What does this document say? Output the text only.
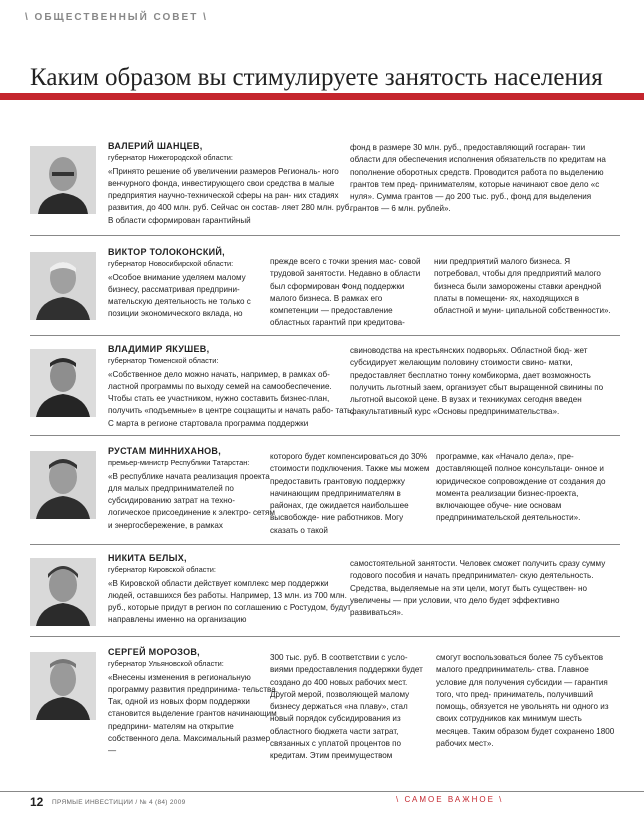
\ ОБЩЕСТВЕННЫЙ СОВЕТ \
Каким образом вы стимулируете занятость населения
ВАЛЕРИЙ ШАНЦЕВ,
губернатор Нижегородской области:

«Принято решение об увеличении размеров Региональ- ного венчурного фонда, инвестирующего свои средства в малые предприятия научно-технической сферы на ран- них стадиях развития, до 400 млн. руб. Сейчас он состав- ляет 280 млн. руб. В области сформирован гарантийный

фонд в размере 30 млн. руб., предоставляющий госгаран- тии области для обеспечения исполнения обязательств по кредитам на пополнение оборотных средств. Проводится работа по выделению грантов тем пред- принимателям, которые начинают свое дело «с нуля». Сумма грантов — до 200 тыс. руб., фонд для выделения грантов — 6 млн. рублей».

ВИКТОР ТОЛОКОНСКИЙ,
губернатор Новосибирской области:

«Особое внимание уделяем малому бизнесу, рассматривая предприни- мательскую деятельность не только с позиции экономического вклада, но

прежде всего с точки зрения мас- совой трудовой занятости. Недавно в области был сформирован Фонд поддержки малого бизнеса. В рамках его компетенции — предоставление областных гарантий при кредитова-

нии предприятий малого бизнеса. Я потребовал, чтобы для предприятий малого бизнеса были заморожены ставки арендной платы в помещени- ях, находящихся в областной и муни- ципальной собственности».

ВЛАДИМИР ЯКУШЕВ,
губернатор Тюменской области:

«Собственное дело можно начать, например, в рамках об- ластной программы по выходу семей на самообеспечение. Чтобы стать ее участником, нужно составить бизнес-план, получить «подъемные» в центре соцзащиты и начать рабо- тать. С марта в регионе стартовала программа поддержки

свиноводства на крестьянских подворьях. Областной бюд- жет субсидирует желающим половину стоимости свино- матки, предоставляет бесплатно тонну комбикорма, дает возможность получить льготный заем, организует сбыт выращенной свинины по льготной высокой цене. В вузах и техникумах сегодня введен факультативный курс «Основы предпринимательства».

РУСТАМ МИННИХАНОВ,
премьер-министр Республики Татарстан:

«В республике начата реализация проекта для малых предпринимателей по субсидированию затрат на техно- логическое присоединение к электро- сетям и энергосбережение, в рамках

которого будет компенсироваться до 30% стоимости подключения. Также мы можем предоставить грантовую поддержку начинающим предпринимателям в районах, где ожидается наибольшее высвобожде- ние работников. Могу сказать о такой

программе, как «Начало дела», пре- доставляющей полное консультаци- онное и юридическое сопровождение от создания до момента реализации бизнес-проекта, включающее обуче- ние основам предпринимательской деятельности».

НИКИТА БЕЛЫХ,
губернатор Кировской области:

«В Кировской области действует комплекс мер поддержки людей, оставшихся без работы. Например, 13 млн. из 700 млн. руб., которые придут в регион по соглашению с Ростудом, будут направлены именно на организацию

самостоятельной занятости. Человек сможет получить сразу сумму годового пособия и начать предпринимател- скую деятельность. Средства, выделяемые на эти цели, могут быть существен- но увеличены — при условии, что дело будет эффективно развиваться».

СЕРГЕЙ МОРОЗОВ,
губернатор Ульяновской области:

«Внесены изменения в региональную программу развития предпринима- тельства. Так, одной из новых форм поддержки становится выделение грантов начинающим предприни- мателям на открытие собственного дела. Максимальный размер —

300 тыс. руб. В соответствии с усло- виями предоставления поддержки будет создано до 400 новых рабочих мест. Другой мерой, позволяющей малому бизнесу держаться «на плаву», стал новый порядок субсидирования из областного бюджета части затрат, связанных с уплатой процентов по кредитам. Этим преимуществом

смогут воспользоваться более 75 субъектов малого предприниматель- ства. Главное условие для получения субсидии — гарантия того, что пред- приниматель, получивший помощь, обязуется не увольнять ни одного из своих сотрудников как минимум шесть месяцев. Таким образом будет сохранено 1800 рабочих мест».

12 ПРЯМЫЕ ИНВЕСТИЦИИ / № 4 (84) 2009	\ САМОЕ ВАЖНОЕ \
